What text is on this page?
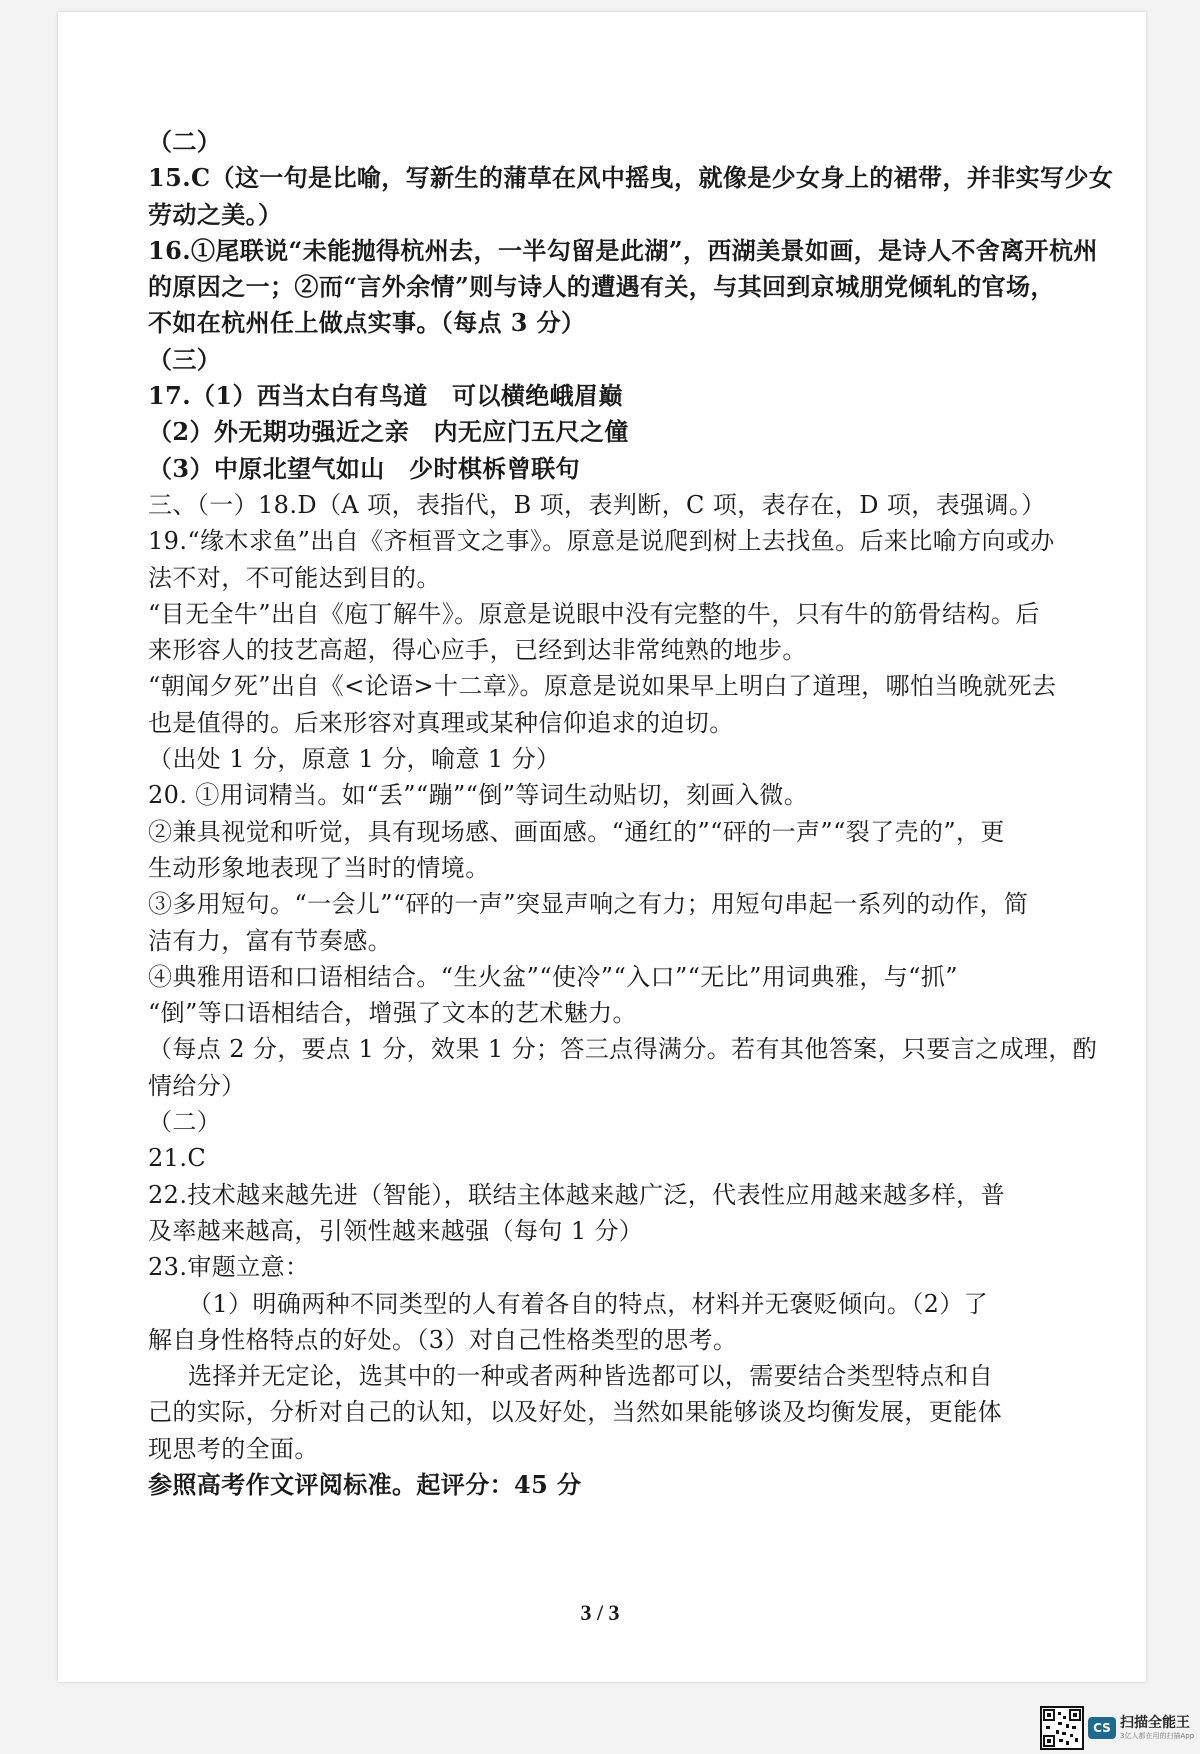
（二）

15.C（这一句是比喻，写新生的蒲草在风中摇曳，就像是少女身上的裙带，并非实写少女

劳动之美。）

16.①尾联说“未能抛得杭州去，一半勾留是此湖”，西湖美景如画，是诗人不舍离开杭州

的原因之一；②而“言外余情”则与诗人的遭遇有关，与其回到京城朋党倾轧的官场，

不如在杭州任上做点实事。（每点 3 分）

（三）

17.（1）西当太白有鸟道　可以横绝峨眉巅

（2）外无期功强近之亲　内无应门五尺之僮

（3）中原北望气如山　少时棋柝曾联句

三、（一）18.D（A 项，表指代，B 项，表判断，C 项，表存在，D 项，表强调。）

19.“缘木求鱼”出自《齐桓晋文之事》。原意是说爬到树上去找鱼。后来比喻方向或办

法不对，不可能达到目的。

“目无全牛”出自《庖丁解牛》。原意是说眼中没有完整的牛，只有牛的筋骨结构。后

来形容人的技艺高超，得心应手，已经到达非常纯熟的地步。

“朝闻夕死”出自《<论语>十二章》。原意是说如果早上明白了道理，哪怕当晚就死去

也是值得的。后来形容对真理或某种信仰追求的迫切。

（出处 1 分，原意 1 分，喻意 1 分）

20. ①用词精当。如“丢”“蹦”“倒”等词生动贴切，刻画入微。

②兼具视觉和听觉，具有现场感、画面感。“通红的”“砰的一声”“裂了壳的”，更

生动形象地表现了当时的情境。

③多用短句。“一会儿”“砰的一声”突显声响之有力；用短句串起一系列的动作，简

洁有力，富有节奏感。

④典雅用语和口语相结合。“生火盆”“使冷”“入口”“无比”用词典雅，与“抓”

“倒”等口语相结合，增强了文本的艺术魅力。

（每点 2 分，要点 1 分，效果 1 分；答三点得满分。若有其他答案，只要言之成理，酌

情给分）

（二）

21.C

22.技术越来越先进（智能），联结主体越来越广泛，代表性应用越来越多样，普

及率越来越高，引领性越来越强（每句 1 分）

23.审题立意：

（1）明确两种不同类型的人有着各自的特点，材料并无褒贬倾向。（2）了

解自身性格特点的好处。（3）对自己性格类型的思考。

选择并无定论，选其中的一种或者两种皆选都可以，需要结合类型特点和自

己的实际，分析对自己的认知，以及好处，当然如果能够谈及均衡发展，更能体

现思考的全面。

参照高考作文评阅标准。起评分：45 分

3 / 3
CS 扫描全能王
3亿人都在用的扫描App
